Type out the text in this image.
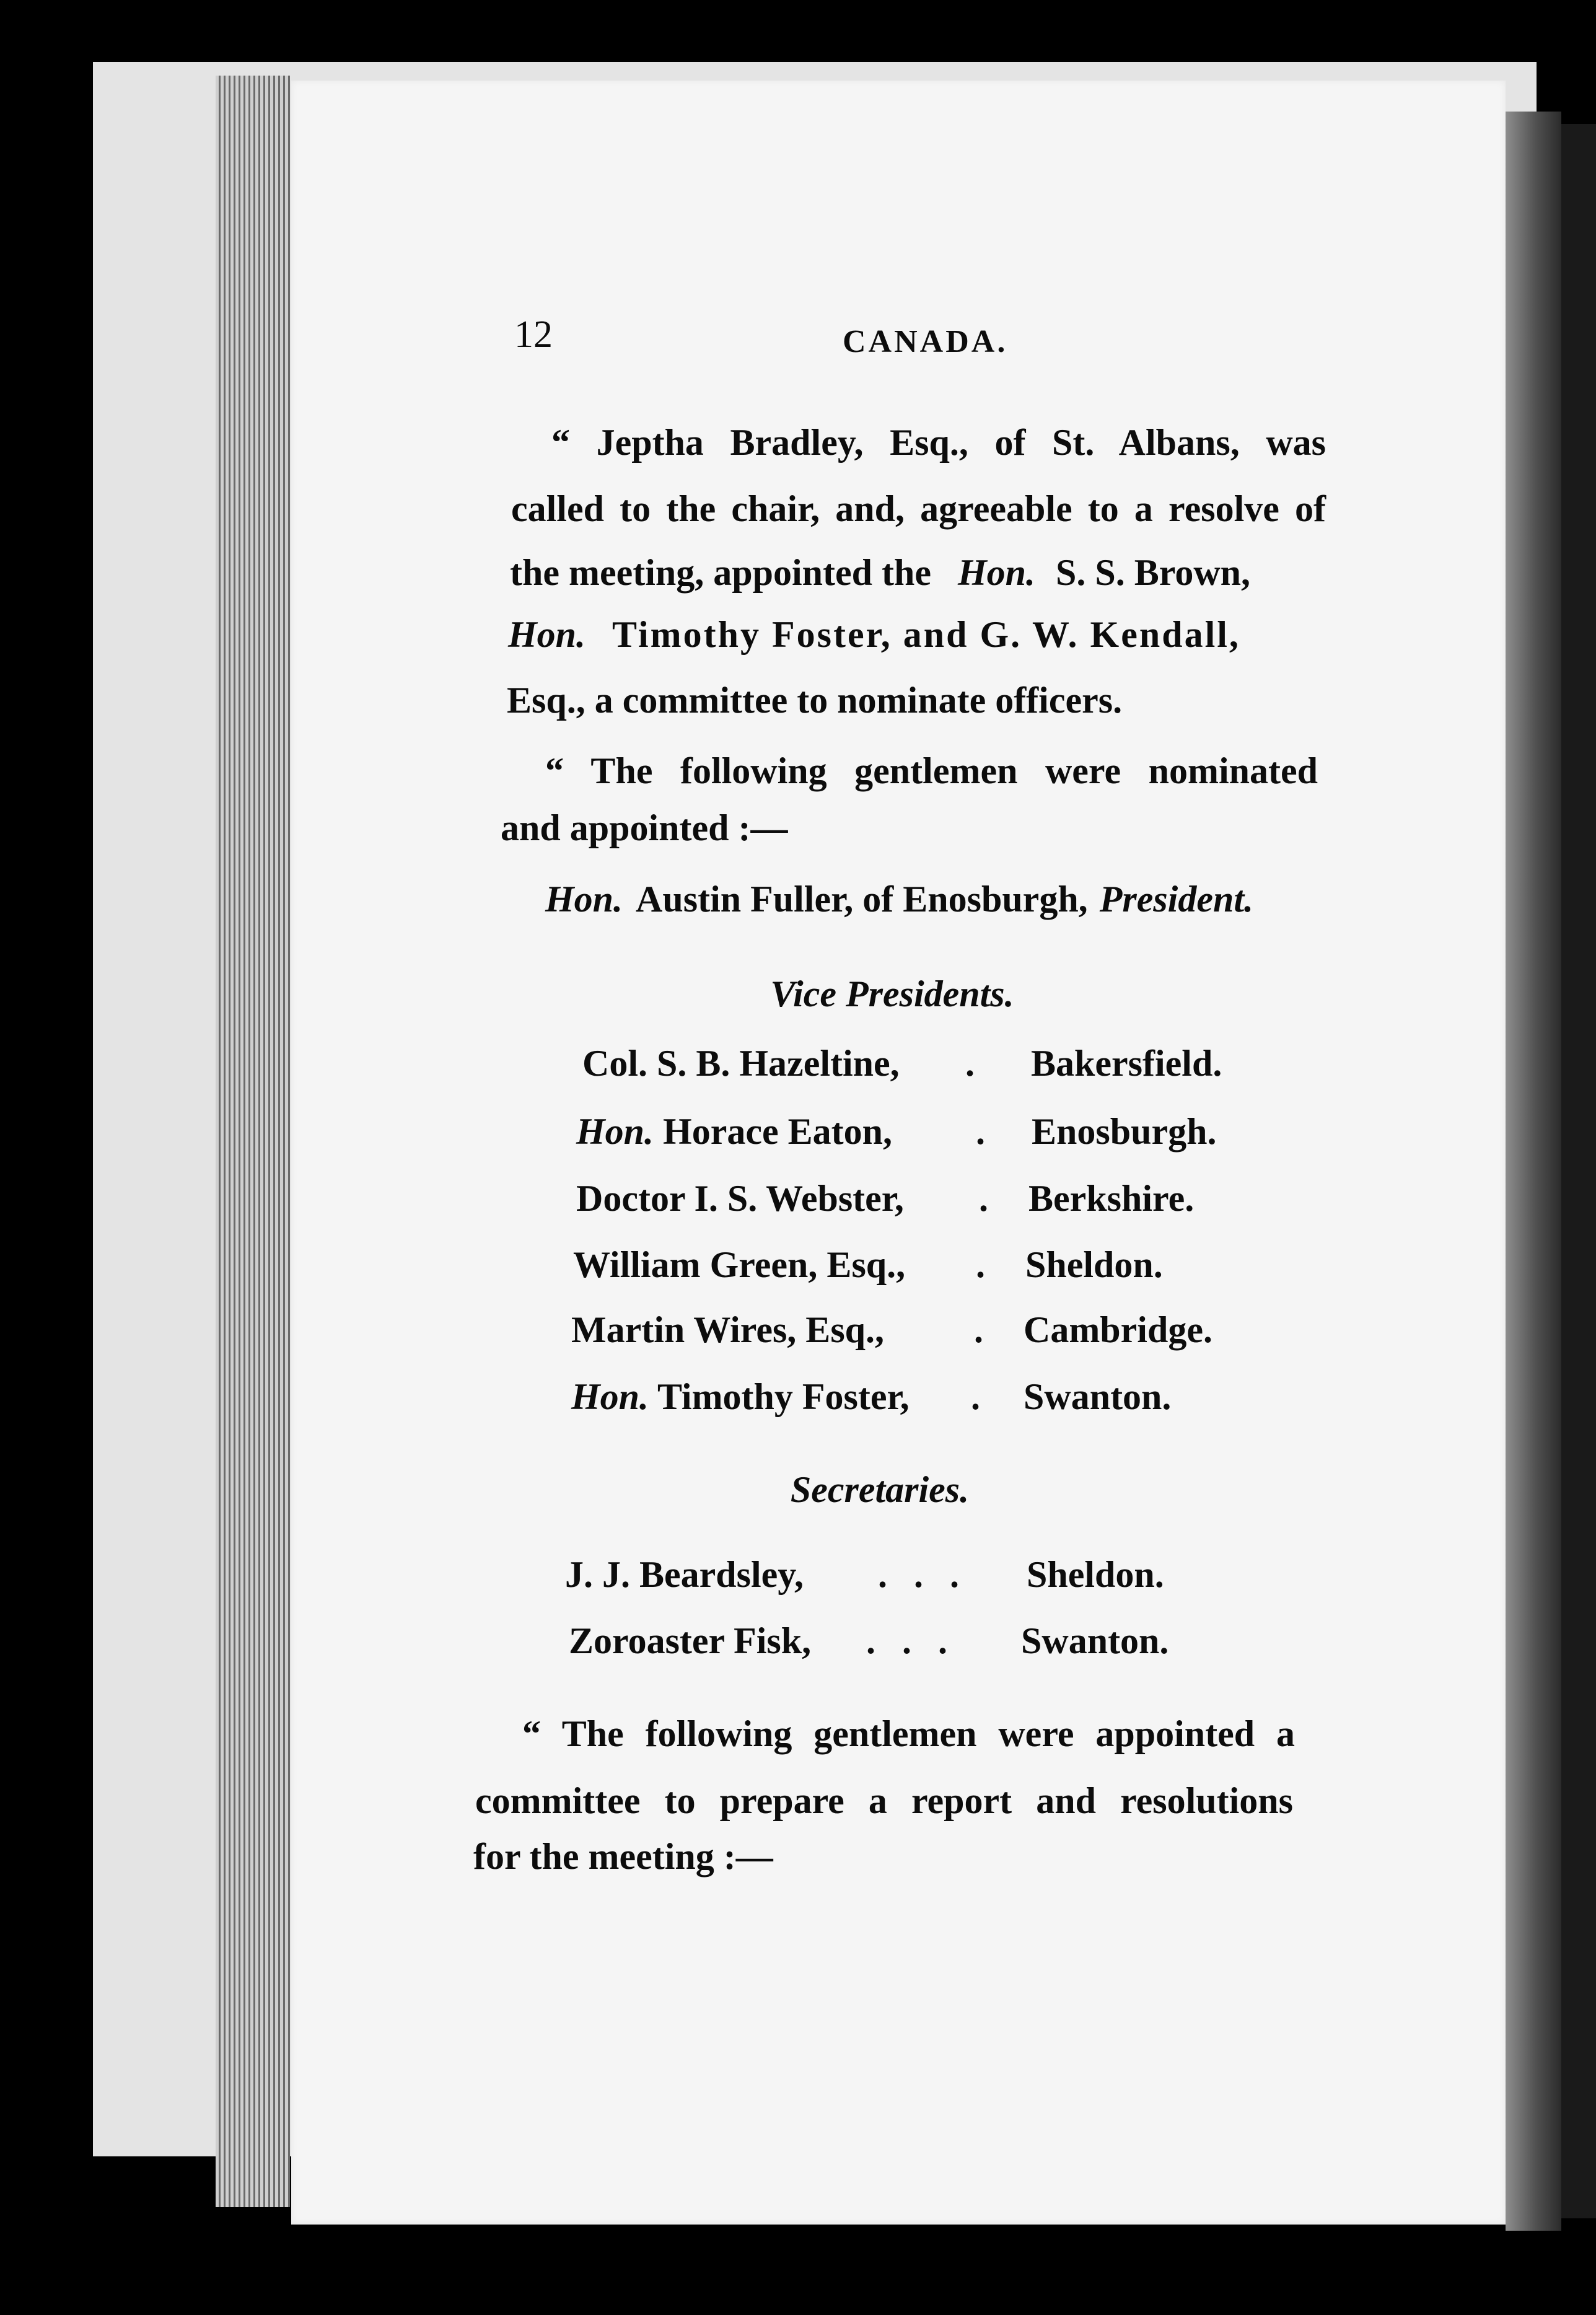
12	CANADA.
“ Jeptha Bradley, Esq., of St. Albans, was
called to the chair, and, agreeable to a resolve of
the meeting, appointed the Hon. S. S. Brown,
Hon. Timothy Foster, and G. W. Kendall,
Esq., a committee to nominate officers.
“ The following gentlemen were nominated
and appointed :—
Hon. Austin Fuller, of Enosburgh, President.
Vice Presidents.
Col. S. B. Hazeltine, . Bakersfield.
Hon. Horace Eaton, . Enosburgh.
Doctor I. S. Webster, . Berkshire.
William Green, Esq., . Sheldon.
Martin Wires, Esq., . Cambridge.
Hon. Timothy Foster, . Swanton.
Secretaries.
J. J. Beardsley, . . . Sheldon.
Zoroaster Fisk, . . . Swanton.
“ The following gentlemen were appointed a
committee to prepare a report and resolutions
for the meeting :—
